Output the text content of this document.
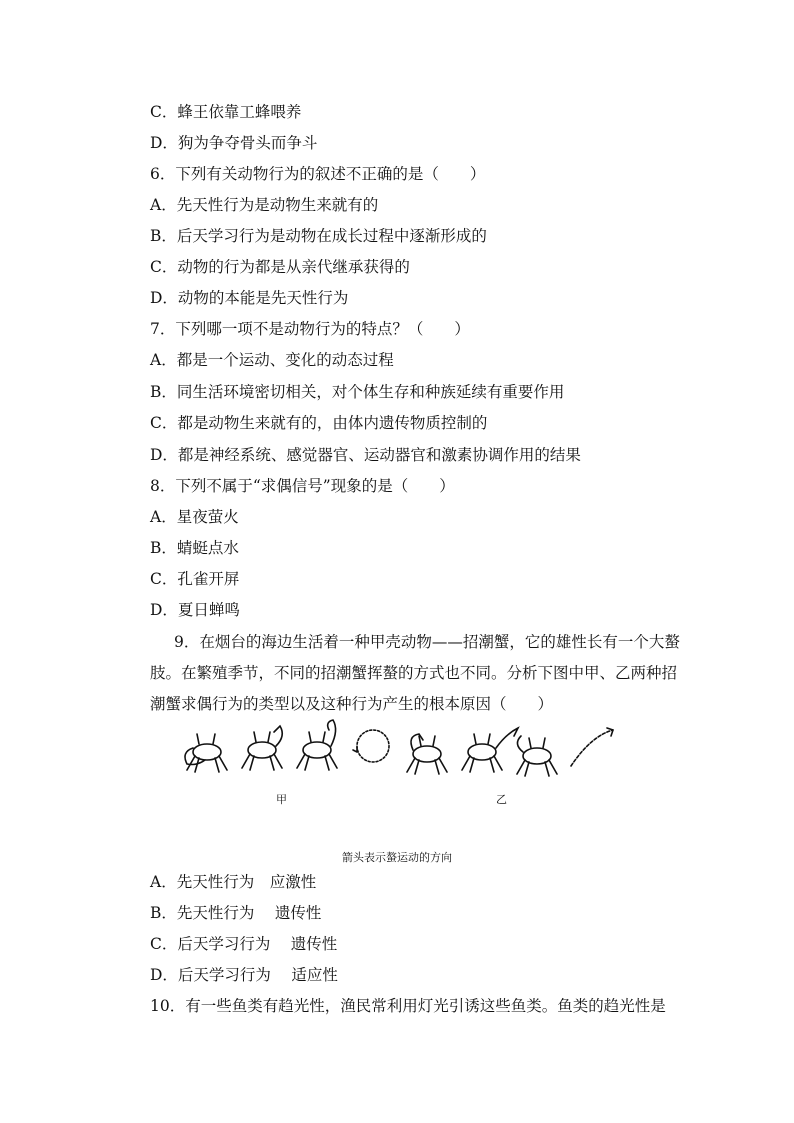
C．蜂王依靠工蜂喂养
D．狗为争夺骨头而争斗
6．下列有关动物行为的叙述不正确的是（　　）
A．先天性行为是动物生来就有的
B．后天学习行为是动物在成长过程中逐渐形成的
C．动物的行为都是从亲代继承获得的
D．动物的本能是先天性行为
7．下列哪一项不是动物行为的特点？（　　）
A．都是一个运动、变化的动态过程
B．同生活环境密切相关，对个体生存和种族延续有重要作用
C．都是动物生来就有的，由体内遗传物质控制的
D．都是神经系统、感觉器官、运动器官和激素协调作用的结果
8．下列不属于“求偶信号”现象的是（　　）
A．星夜萤火
B．蜻蜓点水
C．孔雀开屏
D．夏日蝉鸣
9．在烟台的海边生活着一种甲壳动物——招潮蟹，它的雄性长有一个大螯肢。在繁殖季节，不同的招潮蟹挥螯的方式也不同。分析下图中甲、乙两种招潮蟹求偶行为的类型以及这种行为产生的根本原因（　　）
甲	乙
箭头表示螯运动的方向
A．先天性行为　应激性
B．先天性行为　 遗传性
C．后天学习行为　 遗传性
D．后天学习行为　 适应性
10．有一些鱼类有趋光性，渔民常利用灯光引诱这些鱼类。鱼类的趋光性是
